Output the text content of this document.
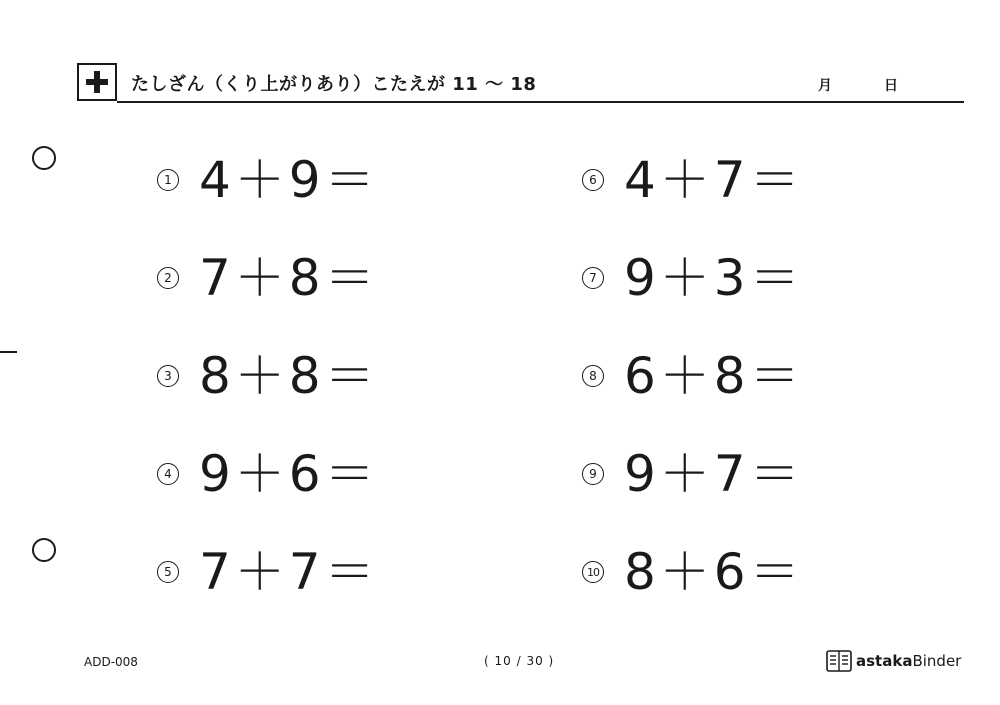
たしざん（くり上がりあり）こたえが 11 〜 18	月	日
1 4＋9＝
2 7＋8＝
3 8＋8＝
4 9＋6＝
5 7＋7＝
6 4＋7＝
7 9＋3＝
8 6＋8＝
9 9＋7＝
10 8＋6＝
ADD-008	( 10 / 30 )	astaka Binder
